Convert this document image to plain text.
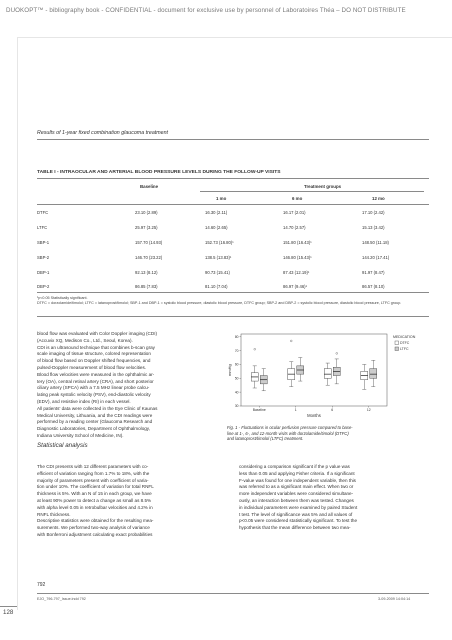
DUOKOPT™ - bibliography book - CONFIDENTIAL - document for exclusive use by personnel of Laboratoires Théa – DO NOT DISTRIBUTE
Results of 1-year fixed combination glaucoma treatment
TABLE I - INTRAOCULAR AND ARTERIAL BLOOD PRESSURE LEVELS DURING THE FOLLOW-UP VISITS
Baseline	Treatment groups
1 mo	6 mo	12 mo
DTFC	23.10 (2.89)	16.30 (2.11)	16.17 (2.01)	17.10 (2.42)
LTFC	25.97 (3.25)	14.60 (2.65)	14.70 (2.57)	15.13 (3.42)
SBP-1	157.70 (14.93)	152.73 (16.80)¹	151.80 (16.43)¹	148.50 (11.18)
SBP-2	146.70 (23.22)	138.5 (13.83)¹	146.80 (15.43)¹	144.20 (17.41)
DBP-1	92.13 (8.12)	90.73 (15.41)	87.43 (12.19)¹	91.97 (8.47)
DBP-2	86.85 (7.83)	81.10 (7.04)	86.97 (9.46)¹	86.57 (8.10)
¹p<0.05 Statistically significant.
DTFC = dorzolamide/timolol; LTFC = latanoprost/timolol; SBP-1 and DBP-1 = systolic blood pressure, diastolic blood pressure, DTFC group; SBP-2 and DBP-2 = systolic blood pressure, diastolic blood pressure, LTFC group.
blood flow was evaluated with Color Doppler imaging (CDI)
(Accuvix XQ, Medison Co., Ltd., Seoul, Korea).
CDI is an ultrasound technique that combines b-scan gray
scale imaging of tissue structure, colored representation
of blood flow based on Doppler shifted frequencies, and
pulsed-Doppler measurement of blood flow velocities.
Blood flow velocities were measured in the ophthalmic ar-
tery (OA), central retinal artery (CRA), and short posterior
ciliary artery (SPCA) with a 7.5 MHz linear probe calcu-
lating peak systolic velocity (PSV), end-diastolic velocity
(EDV), and resistive index (RI) in each vessel.
All patients' data were collected in the Eye Clinic of Kaunas
Medical University, Lithuania, and the CDI readings were
performed by a reading center (Glaucoma Research and
Diagnostic Laboratories, Department of Ophthalmology,
Indiana University School of Medicine, IN).
Statistical analysis
The CDI presents with 12 different parameters with co-
efficient of variation ranging from 1.7% to 18%, with the
majority of parameters present with coefficient of varia-
tion under 10%. The coefficient of variation for total RNFL
thickness is 5%. With an N of 15 in each group, we have
at least 90% power to detect a change as small as 8.5%
with alpha level 0.05 in retrobulbar velocities and 4.2% in
RNFL thickness.
Descriptive statistics were obtained for the resulting mea-
surements. We performed two-way analysis of variance
with Bonferroni adjustment calculating exact probabilities
30
40
50
60
70
80
Baseline	1	6	12
mmHg
Months
MEDICATION
DTFC
LTFC
Fig. 1 - Fluctuations in ocular perfusion pressure compared to base-
line at 1-, 6-, and 12-month visits with dorzolamide/timolol (DTFC)
and latanoprost/timolol (LTFC) treatment.
considering a comparison significant if the p value was
less than 0.05 and applying Fisher criteria. If a significant
F-value was found for one independent variable, then this
was referred to as a significant main effect. When two or
more independent variables were considered simultane-
ously, an interaction between them was tested. Changes
in individual parameters were examined by paired Student
t test. The level of significance was 5% and all values of
p<0.05 were considered statistically significant. To test the
hypothesis that the mean difference between two mea-
792
EJO_796-797_Issue.indd 792	3-09-2009 14:04:14
128
